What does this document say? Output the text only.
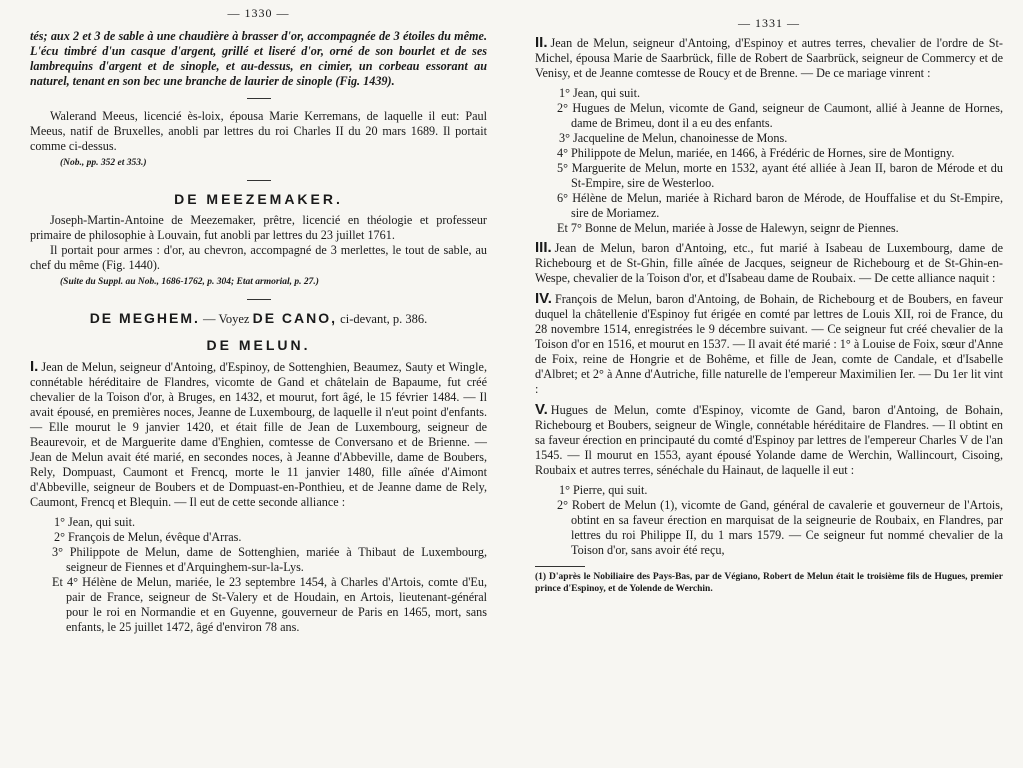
— 1330 —

tés; aux 2 et 3 de sable à une chaudière à brasser d'or, accompagnée de 3 étoiles du même. L'écu timbré d'un casque d'argent, grillé et liseré d'or, orné de son bourlet et de ses lambrequins d'argent et de sinople, et au-dessus, en cimier, un corbeau essorant au naturel, tenant en son bec une branche de laurier de sinople (Fig. 1439).

Walerand Meeus, licencié ès-loix, épousa Marie Kerremans, de laquelle il eut: Paul Meeus, natif de Bruxelles, anobli par lettres du roi Charles II du 20 mars 1689. Il portait comme ci-dessus.

(Nob., pp. 352 et 353.)

DE MEEZEMAKER.

Joseph-Martin-Antoine de Meezemaker, prêtre, licencié en théologie et professeur primaire de philosophie à Louvain, fut anobli par lettres du 23 juillet 1761.

Il portait pour armes : d'or, au chevron, accompagné de 3 merlettes, le tout de sable, au chef du même (Fig. 1440).

(Suite du Suppl. au Nob., 1686-1762, p. 304; Etat armorial, p. 27.)

DE MEGHEM. — Voyez DE CANO, ci-devant, p. 386.
DE MELUN.
I. Jean de Melun, seigneur d'Antoing, d'Espinoy, de Sottenghien, Beaumez, Sauty et Wingle, connétable héréditaire de Flandres, vicomte de Gand et châtelain de Bapaume, fut créé chevalier de la Toison d'or, à Bruges, en 1432, et mourut, fort âgé, le 15 février 1484. — Il avait épousé, en premières noces, Jeanne de Luxembourg, de laquelle il n'eut point d'enfants. — Elle mourut le 9 janvier 1420, et était fille de Jean de Luxembourg, seigneur de Beaurevoir, et de Marguerite dame d'Enghien, comtesse de Conversano et de Brienne. — Jean de Melun avait été marié, en secondes noces, à Jeanne d'Abbeville, dame de Boubers, Rely, Dompuast, Caumont et Frencq, morte le 11 janvier 1480, fille aînée d'Aimont d'Abbeville, seigneur de Boubers et de Dompuast-en-Ponthieu, et de Jeanne dame de Rely, Caumont, Frencq et Blequin. — Il eut de cette seconde alliance :

1° Jean, qui suit.

2° François de Melun, évêque d'Arras.

3° Philippote de Melun, dame de Sottenghien, mariée à Thibaut de Luxembourg, seigneur de Fiennes et d'Arquinghem-sur-la-Lys.

Et 4° Hélène de Melun, mariée, le 23 septembre 1454, à Charles d'Artois, comte d'Eu, pair de France, seigneur de St-Valery et de Houdain, en Artois, lieutenant-général pour le roi en Normandie et en Guyenne, gouverneur de Paris en 1465, mort, sans enfants, le 25 juillet 1472, âgé d'environ 78 ans.

— 1331 —
II. Jean de Melun, seigneur d'Antoing, d'Espinoy et autres terres, chevalier de l'ordre de St-Michel, épousa Marie de Saarbrück, fille de Robert de Saarbrück, seigneur de Commercy et de Venisy, et de Jeanne comtesse de Roucy et de Brenne. — De ce mariage vinrent :

1° Jean, qui suit.

2° Hugues de Melun, vicomte de Gand, seigneur de Caumont, allié à Jeanne de Hornes, dame de Brimeu, dont il a eu des enfants.

3° Jacqueline de Melun, chanoinesse de Mons.

4° Philippote de Melun, mariée, en 1466, à Frédéric de Hornes, sire de Montigny.

5° Marguerite de Melun, morte en 1532, ayant été alliée à Jean II, baron de Mérode et du St-Empire, sire de Westerloo.

6° Hélène de Melun, mariée à Richard baron de Mérode, de Houffalise et du St-Empire, sire de Moriamez.

Et 7° Bonne de Melun, mariée à Josse de Halewyn, seignr de Piennes.

III. Jean de Melun, baron d'Antoing, etc., fut marié à Isabeau de Luxembourg, dame de Richebourg et de St-Ghin, fille aînée de Jacques, seigneur de Richebourg et de St-Ghin-en-Wespe, chevalier de la Toison d'or, et d'Isabeau dame de Roubaix. — De cette alliance naquit :
IV. François de Melun, baron d'Antoing, de Bohain, de Richebourg et de Boubers, en faveur duquel la châtellenie d'Espinoy fut érigée en comté par lettres de Louis XII, roi de France, du 28 novembre 1514, enregistrées le 9 décembre suivant. — Ce seigneur fut créé chevalier de la Toison d'or en 1516, et mourut en 1537. — Il avait été marié : 1° à Louise de Foix, sœur d'Anne de Foix, reine de Hongrie et de Bohême, et fille de Jean, comte de Candale, et d'Isabelle d'Albret; et 2° à Anne d'Autriche, fille naturelle de l'empereur Maximilien Ier. — Du 1er lit vint :
V. Hugues de Melun, comte d'Espinoy, vicomte de Gand, baron d'Antoing, de Bohain, Richebourg et Boubers, seigneur de Wingle, connétable héréditaire de Flandres. — Il obtint en sa faveur érection en principauté du comté d'Espinoy par lettres de l'empereur Charles V de l'an 1545. — Il mourut en 1553, ayant épousé Yolande dame de Werchin, Wallincourt, Cisoing, Roubaix et autres terres, sénéchale du Hainaut, de laquelle il eut :

1° Pierre, qui suit.

2° Robert de Melun (1), vicomte de Gand, général de cavalerie et gouverneur de l'Artois, obtint en sa faveur érection en marquisat de la seigneurie de Roubaix, en Flandres, par lettres du roi Philippe II, du 1 mars 1579. — Ce seigneur fut nommé chevalier de la Toison d'or, sans avoir été reçu,

(1) D'après le Nobiliaire des Pays-Bas, par de Végiano, Robert de Melun était le troisième fils de Hugues, premier prince d'Espinoy, et de Yolende de Werchin.
